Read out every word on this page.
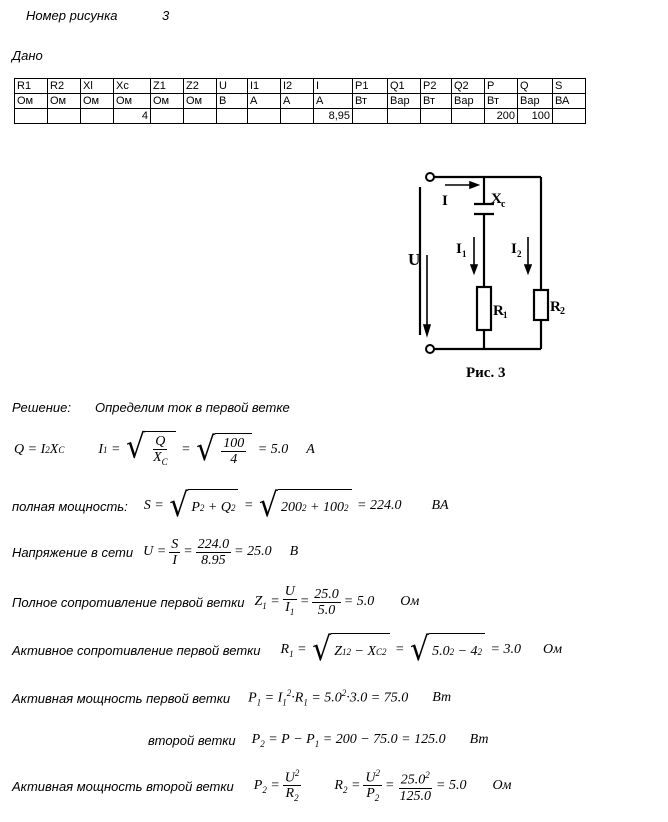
Номер рисунка	3
Дано
R1	R2	Xl	Xc	Z1	Z2	U	I1	I2	I	P1	Q1	P2	Q2	P	Q	S
Ом	Ом	Ом	Ом	Ом	Ом	В	А	А	А	Вт	Вар	Вт	Вар	Вт	Вар	ВА
			4						8,95					200	100	
I	X c
U
I 1	I 2
R 1	R 2
Рис. 3
Решение: Определим ток в первой ветке
Q = I 2 X C I 1 = √ $\frac{Q}{X_C}$ = √ $\frac{100}{4} = 5.0$ A
полная мощность: S = √ P 2 + Q 2 = √ 200 2 + 100 2 = 224.0 BA
Напряжение в сети $U = \frac{S}{I} = \frac{224.0}{8.95} = 25.0$ B
Полное сопротивление первой ветки $Z_1 = \frac{U}{I_1} = \frac{25.0}{5.0} = 5.0$ Ом
Активное сопротивление первой ветки $R_1$ = √ Z 1 2 − X C 2 = √ 5.0 2 − 4 2 = 3.0 Ом
Активная мощность первой ветки $P_1 = I_1^2\cdot R_1 = 5.0^2\cdot 3.0 = 75.0$ Вт
второй ветки $P_2 = P - P_1 = 200 - 75.0 = 125.0$ Вт
Активная мощность второй ветки $P_2 = \frac{U^2}{R_2} R_2 = \frac{U^2}{P_2} = \frac{25.0^2}{125.0} = 5.0$ Ом
